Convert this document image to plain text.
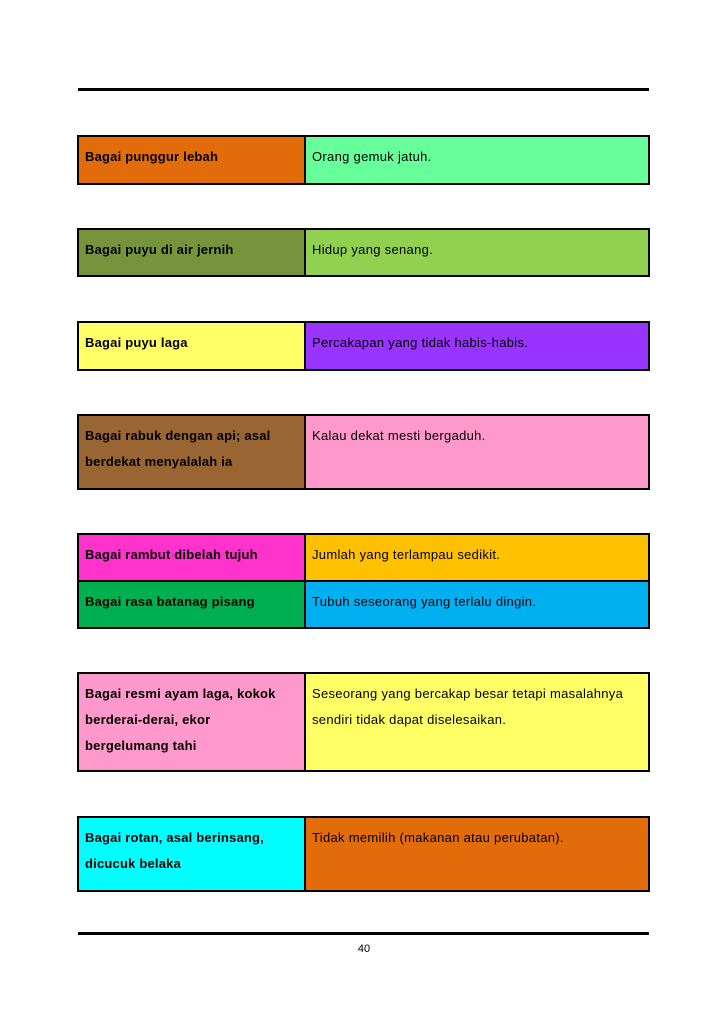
Bagai punggur lebah	Orang gemuk jatuh.
Bagai puyu di air jernih	Hidup yang senang.
Bagai puyu laga	Percakapan yang tidak habis-habis.
Bagai rabuk dengan api; asal berdekat menyalalah ia	Kalau dekat mesti bergaduh.
Bagai rambut dibelah tujuh	Jumlah yang terlampau sedikit.
Bagai rasa batanag pisang	Tubuh seseorang yang terlalu dingin.
Bagai resmi ayam laga, kokok berderai-derai, ekor bergelumang tahi	Seseorang yang bercakap besar tetapi masalahnya sendiri tidak dapat diselesaikan.
Bagai rotan, asal berinsang, dicucuk belaka	Tidak memilih (makanan atau perubatan).
40
